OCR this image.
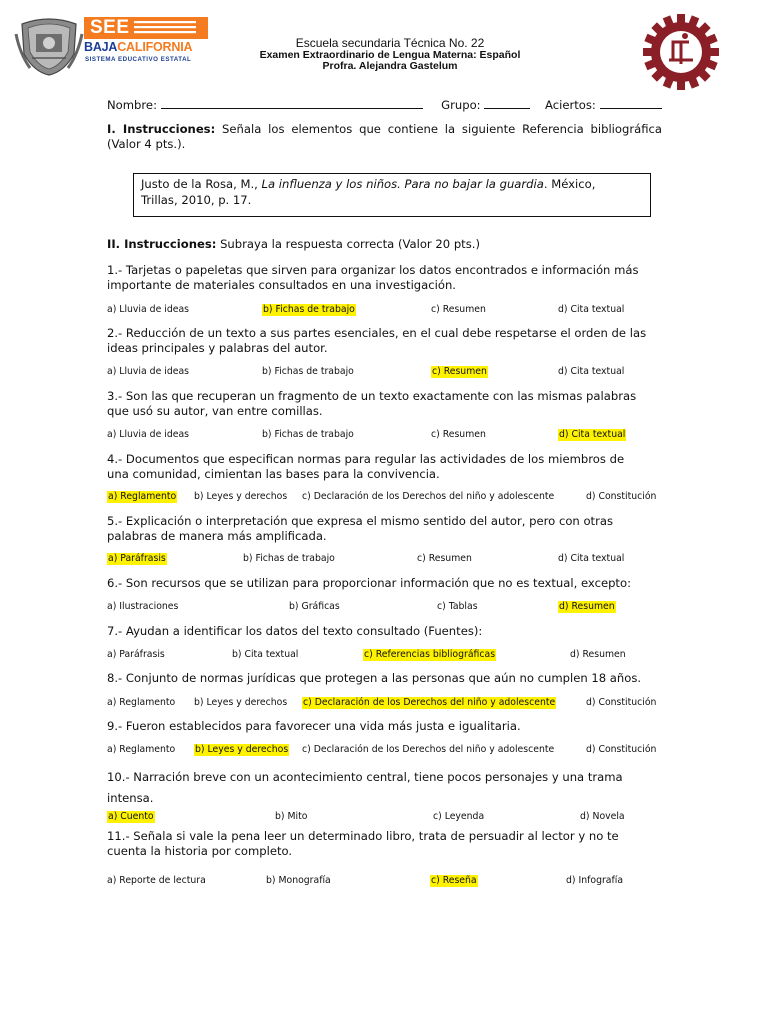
SEE
BAJACALIFORNIA
SISTEMA EDUCATIVO ESTATAL
Escuela secundaria Técnica No. 22
Examen Extraordinario de Lengua Materna: Español
Profra. Alejandra Gastelum
Nombre:	Grupo:	Aciertos:
I. Instrucciones: Señala los elementos que contiene la siguiente Referencia bibliográfica (Valor 4 pts.).
Justo de la Rosa, M., La influenza y los niños. Para no bajar la guardia. México,
Trillas, 2010, p. 17.
II. Instrucciones: Subraya la respuesta correcta (Valor 20 pts.)
1.- Tarjetas o papeletas que sirven para organizar los datos encontrados e información más
importante de materiales consultados en una investigación.
a) Lluvia de ideas	b) Fichas de trabajo	c) Resumen	d) Cita textual
2.- Reducción de un texto a sus partes esenciales, en el cual debe respetarse el orden de las
ideas principales y palabras del autor.
a) Lluvia de ideas	b) Fichas de trabajo	c) Resumen	d) Cita textual
3.- Son las que recuperan un fragmento de un texto exactamente con las mismas palabras
que usó su autor, van entre comillas.
a) Lluvia de ideas	b) Fichas de trabajo	c) Resumen	d) Cita textual
4.- Documentos que especifican normas para regular las actividades de los miembros de
una comunidad, cimientan las bases para la convivencia.
a) Reglamento b) Leyes y derechos c) Declaración de los Derechos del niño y adolescente	d) Constitución
5.- Explicación o interpretación que expresa el mismo sentido del autor, pero con otras
palabras de manera más amplificada.
a) Paráfrasis	b) Fichas de trabajo	c) Resumen	d) Cita textual
6.- Son recursos que se utilizan para proporcionar información que no es textual, excepto:
a) Ilustraciones	b) Gráficas	c) Tablas	d) Resumen
7.- Ayudan a identificar los datos del texto consultado (Fuentes):
a) Paráfrasis	b) Cita textual	c) Referencias bibliográficas	d) Resumen
8.- Conjunto de normas jurídicas que protegen a las personas que aún no cumplen 18 años.
a) Reglamento b) Leyes y derechos c) Declaración de los Derechos del niño y adolescente	d) Constitución
9.- Fueron establecidos para favorecer una vida más justa e igualitaria.
a) Reglamento b) Leyes y derechos c) Declaración de los Derechos del niño y adolescente	d) Constitución
10.- Narración breve con un acontecimiento central, tiene pocos personajes y una trama
intensa.
a) Cuento	b) Mito	c) Leyenda	d) Novela
11.- Señala si vale la pena leer un determinado libro, trata de persuadir al lector y no te
cuenta la historia por completo.
a) Reporte de lectura	b) Monografía	c) Reseña	d) Infografía
